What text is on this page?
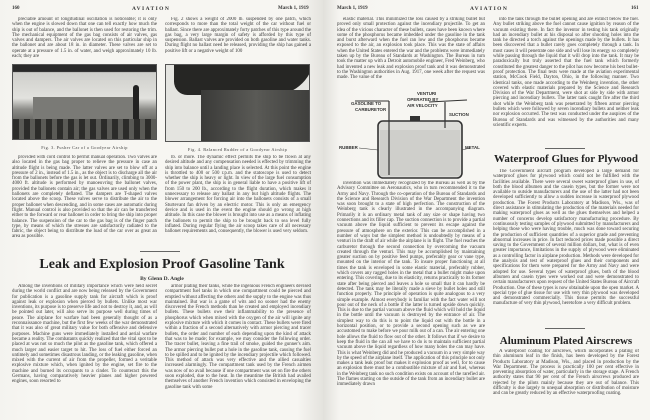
160	AVIATION	March 1, 1919

preciable amount of longitudinal oscillation is noticeable; it is only when the engine is slowed down that one can tell exactly how much the ship is out of balance, and the ballonet is then used for restoring the trim. The mechanical equipment of the gas bag consists of air valves, gas valves and dampers. The air valves are located on this particular ship in the ballonet and are about 18 in. in diameter. These valves are set to operate at a pressure of 1.5 in. of water, and weigh approximately 10 lb. each; they are

Fig. 2 shows a weight of 2000 lb. suspended by one patch, which corresponds to more than the total weight of the car without fuel or ballast. Since there are approximately forty patches of this type around the gas bag, a very large margin of safety is afforded by this type of suspension. Ballast valves are provided on both gasoline and water tanks. During flight no ballast need be released, providing the ship has gained a positive lift or a negative weight of 100

Fig. 3. Pusher Car of a Goodyear Airship	Fig. 4. Balanced Rudder of a Goodyear Airship

provided with cord control to permit manual operation. Two valves are also located in the gas bag proper to relieve the pressure in case an altitude flight is being made. The latter valves are set to blow off at a pressure of 2 in., instead of 1.5 in., as the object is to discharge all the air from the ballonets before the gas is let out. Ordinarily, climbing to 3000-4000 ft. altitude is performed by manoeuvring the ballonet valves, provided the ballonets contain air; the gas valves are used only when the ballonets are completely deflated. The dampers are T-shaped valves located above the scoop. These valves serve to distribute the air to the proper ballonet when descending, and in some cases are automatic during flight. Manual control is also provided so that the air can be transferred either to the forward or rear ballonet in order to bring the ship into proper balance. The suspension of the car to the gas bag is of the finger patch type, by means of which the stresses are satisfactorily radiated to the fabric, the object being to distribute the load of the car over as great an area as possible.

lb. or more. The dynamic effect permits the ship to be flown at any desired altitude and any compensation needed is effected by trimming the ship into balance until a landing place is selected. At this point the engine is throttled to 400 or 500 r.p.m. and the statoscope is used to detect whether the ship is heavy or light. In view of the large fuel consumption of the power plant, the ship is in general liable to have a positive lift of from 150 to 200 lb., according to the flight duration, which makes it unnecessary to release any ballast in any but high altitude flights. The blower arrangement for forcing air into the ballonets consists of a small Sturtevant fan driven by an electric motor. This is only an emergency device and is used in the event the engine should go wrong at high altitude. In this case the blower is brought into use as a means of inflating the ballonets to permit the ship to be brought back to sea level fully inflated. During regular flying the air scoop takes care of all necessary ballonet requirements and, consequently, the blower is used very seldom.

Leak and Explosion Proof Gasoline Tank
By Glenn D. Angle

Among the inventions of military importance which were held secret during the world conflict and are now being released by the Government for publication is a gasoline supply tank for aircraft which is proof against leak or explosion when pierced by bullets. Unlike most war inventions, its purpose is to preserve life and not to destroy it, and, as will be pointed out later, will also serve its purpose well during times of peace. The airplane for warfare had been generally thought of as a reconnaissance machine, but the first few weeks of the war demonstrated that it was also of great military value for both offensive and defensive purposes. Machine guns were immediately installed and aerial warfare became a reality. The combatants quickly realized that the vital spot to be placed at was not so much the pilot as the gasoline tank, which offered a much larger and easier target to hit. The loss of fuel either forced an untimely and sometimes disastrous landing, or the leaking gasoline, when mixed with the current of air from the propeller, formed a veritable explosive mixture which, when ignited by the engine, set fire to the machine and burned its occupants to a cinder. To counteract this the Germans, having comparatively heavier planes and higher powered engines, soon resorted to

armor plating their tanks, while the ingenious French engineers devised compartment fuel tanks in which one compartment could be pierced and emptied without affecting the others and the supply to the engine was thus maintained. But war is a game of wits and no sooner had the enemy discovered the French methods than he created and employed incendiary bullets. These bullets owe their inflammability to the presence of phosphorus which when mixed with the oxygen of the air will ignite any explosive mixture with which it comes in contact. These bullets were fired within a fraction of a second alternatively with armor piercing and tracer bullets, the order and number of each depending upon the kind of attack that was to be made; for example, we may consider the following order. The tracer bullet, leaving a fine trail of smoke, guided the gunner's aim. The armor piercing bullet put a hole in the gasoline tank, causing the fuel to be spilled and to be ignited by the incendiary projectile which followed. This method of attack was very effective and the allied casualties increased alarmingly. The compartment tank used by the French airmen was now of no avail because if one compartment was set on fire the others soon exploded, due to the heat. In the meantime the British had availed themselves of another French invention which consisted in enveloping the gasoline tank with some

March 1, 1919	AVIATION	161

elastic material. This minimized the loss caused by a striking bullet but proved only small protection against the incendiary projectile. To get an idea of the vicious character of these bullets, cases have been known where some of the phosphorus became imbedded under the gasoline in the tank and burst afterward when the fuel ran low and the phosphorus became exposed to the air, an explosion took place. This was the state of affairs when the United States entered the war and the problems were immediately taken up by the Bureau of Standards at Washington. The Bureau in turn took the matter up with a Detroit automobile engineer, Fred Weinberg, who had invented a new leak and explosion proof tank and it was demonstrated to the Washington authorities in Aug. 1917, one week after the request was made. The value of the

GASOLINE TO
CARBURETOR
VENTURI
OPERATED BY
AIR VELOCITY
SUCTION
RUBBER	METAL

invention was immediately recognized by the Bureau as well as by the Advisory Committee on Aeronautics, who in turn recommended it to the Army and Navy. Through the co-operation of the Bureau of Standards and the Science and Research Division of the War Department the invention was soon brought to a state of high perfection. The construction of the Weinberg tank is clearly illustrated in the accompanying diagram. Primarily it is an ordinary metal tank of any size or shape having two connections and its filler cap. The suction connection is to provide a partial vacuum above the liquid sufficient to prevent its escape against the pressure of atmosphere on the exterior. This can be accomplished in a number of ways but the simplest method is undoubtedly by means of a venturi in the draft of air while the airplane is in flight. The fuel reaches the carburetor through the second connection by overcoming the vacuum created through the venturi. This may be accomplished by maintaining greater suction on by positive feed pumps, preferably gear or vane type, mounted on the interior of the tank. To insure proper functioning at all times the tank is enveloped in some elastic material, preferably rubber, which covers any ragged holes in the metal that a bullet might make upon entering. This covering, due to its elasticity, returns practically to its former state after being pierced and leaves a hole so small that it can hardly be detected. The tank may be literally made a sieve by bullet holes and still function properly. The principle of operation is quite analogous to a very simple example. Almost everybody is familiar with the fact water will not pour out of the neck of a bottle if the latter is turned upside down quickly. This is due to the partial vacuum above the fluid which will hold the liquid in the bottle until the vacuum is destroyed by the entrance of air. The simplest way to do this is to point the liquid out with the bottle in a horizontal position, or to provide a second opening such as we are accustomed to make before we pour milk out of a can. The air entering one hole allows the fluid to flow out of the other. It follows that if we desire to keep the fluid in the can all we have to do is to maintain sufficient partial vacuum above the liquid regardless of how many holes the can may have. This is what Weinberg did and he produced a vacuum in a very simple way by the speed of the airplane itself. The application of this principle not only makes a tank leak proof but makes it explosion proof as well, for to cause an explosion there must be a combustible mixture of air and fuel, whereas in the Weinberg tank no such condition exists on account of the rarefied air. The flames starting on the outside of the tank from an incendiary bullet are immediately drawn

into the tank through the bullet opening and are extinct below the fuel. Any bullet striking above the fuel cannot cause ignition by reason of the vacuum existing there. In fact the inventor in testing his tank originally had an incendiary bullet at his disposal so after shooting holes into the tank he directed a torch against the openings made by the bullets. It has been discovered that a bullet rarely goes completely through a tank. In most cases it will penetrate one side and will lose its energy so completely while passing through the liquid that it will drop into the tank. It may be paradoxically but truly asserted that the fuel tank which formerly constituted the greatest danger to the pilot has now become his best bullet-proof protection. The final tests were made at the aviation experimental station, McCook Field, Dayton, Ohio, in the following manner. Two identical tanks, one made according to the Weinberg invention, the other covered with elastic materials prepared by the Science and Research Division of the War Department, were shot at side by side with armor piercing and incendiary bullets. The latter tank caught fire after the third shot while the Weinberg tank was penetrated by fifteen armor piercing bullets which were followed by seven incendiary bullets and neither leak nor explosion occurred. The test was conducted under the auspices of the Bureau of Standards and was witnessed by the authorities and many scientific experts.

Waterproof Glues for Plywood

The Government aircraft program developed a large demand for waterproof glues for plywood which could not be fulfilled with the facilities available. There were several sweet waterproof glues in use, of both the blood albumen and the casein types, but the former were not available to outside manufacturers and the use of the latter had not been developed sufficiently to allow a sudden increase in waterproof plywood production. The Forest Products Laboratory at Madison, Wis., was of direct assistance in stimulating the production of the materials needed for making waterproof glues as well as the glues themselves and helped a number of concerns develop satisfactory manufacturing procedure. By continuously testing samples of plywood submitted by manufacturers and helping those who were having trouble, much was done toward securing the production of sufficient quantities of a superior grade and preventing abnormal increases in price. In fact reduced prices made possible a direct saving to the Government of several million dollars, but, what is of even greater importance, limitations in the supply of plywood were eliminated as a controlling factor in airplane production. Methods were developed for the analysis and test of waterproof glues and their components and specifications for them were prepared for the Army and Navy and were adopted for use. Several types of waterproof glues, both of the blood albumen and casein types were worked out and were demonstrated to certain manufacturers upon request of the United States Bureau of Aircraft Production. One of these types is now obtainable upon the open market. A special type of glue tissue for use with very thin plywood was developed and demonstrated commercially. This tissue permits the successful manufacture of very thin plywood, heretofore a very difficult problem.

Aluminum Plated Airscrews

A waterproof coating for airscrews, which incorporates a plating of thin aluminum leaf in the finish, has been developed by the Forest Products Laboratory at Madison, Wis., and placed in production by the War Department. The process is practically 100 per cent effective in preventing absorption of water, particularly in the storage stage. A French authority states that 90 per cent of the French airscrews produced are rejected by the pilots mainly because they are out of balance. This difficulty is due largely to unequal absorption or distribution of moisture and can be greatly reduced by an effective waterproofing coating.
